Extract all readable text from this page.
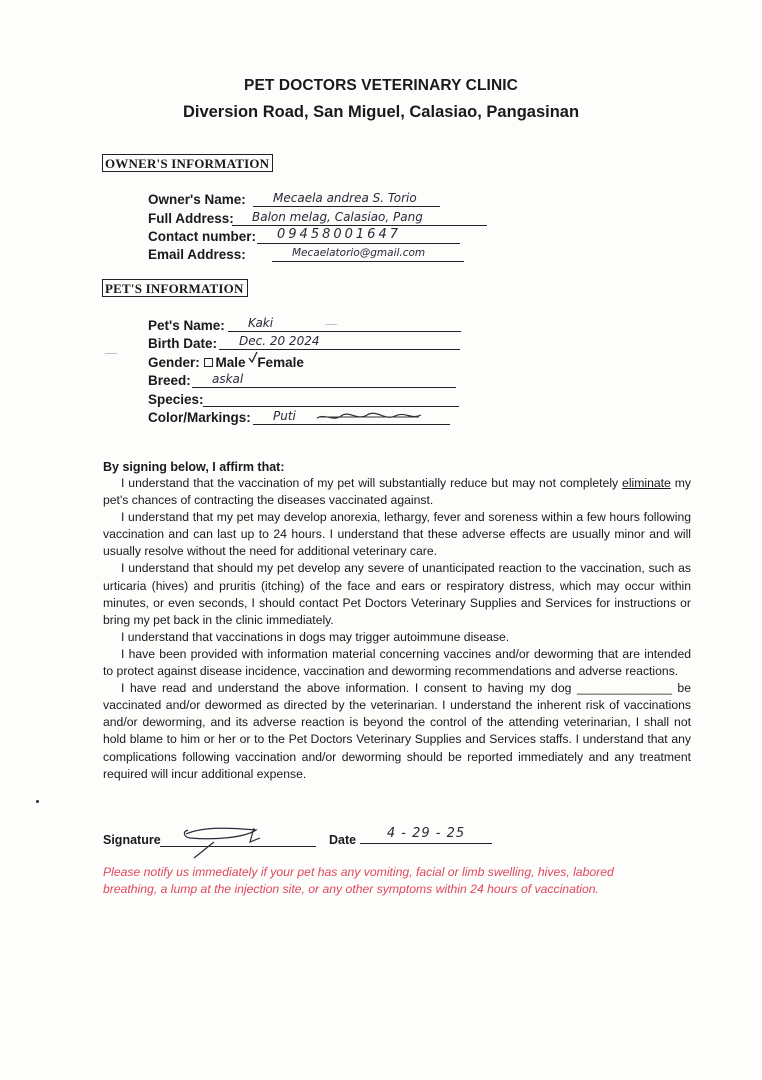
PET DOCTORS VETERINARY CLINIC
Diversion Road, San Miguel, Calasiao, Pangasinan
OWNER'S INFORMATION
Owner's Name:	Mecaela andrea S. Torio
Full Address:	Balon melag, Calasiao, Pang
Contact number:	09458001647
Email Address:	Mecaelatorio@gmail.com
PET'S INFORMATION
Pet's Name:	Kaki
Birth Date:	Dec. 20 2024
Gender: Male Female
Breed:	askal
Species:
Color/Markings:	Puti
By signing below, I affirm that:

I understand that the vaccination of my pet will substantially reduce but may not completely eliminate my pet's chances of contracting the diseases vaccinated against.

I understand that my pet may develop anorexia, lethargy, fever and soreness within a few hours following vaccination and can last up to 24 hours. I understand that these adverse effects are usually minor and will usually resolve without the need for additional veterinary care.

I understand that should my pet develop any severe of unanticipated reaction to the vaccination, such as urticaria (hives) and pruritis (itching) of the face and ears or respiratory distress, which may occur within minutes, or even seconds, I should contact Pet Doctors Veterinary Supplies and Services for instructions or bring my pet back in the clinic immediately.

I understand that vaccinations in dogs may trigger autoimmune disease.

I have been provided with information material concerning vaccines and/or deworming that are intended to protect against disease incidence, vaccination and deworming recommendations and adverse reactions.

I have read and understand the above information. I consent to having my dog ______________ be vaccinated and/or dewormed as directed by the veterinarian. I understand the inherent risk of vaccinations and/or deworming, and its adverse reaction is beyond the control of the attending veterinarian, I shall not hold blame to him or her or to the Pet Doctors Veterinary Supplies and Services staffs. I understand that any complications following vaccination and/or deworming should be reported immediately and any treatment required will incur additional expense.

Signature	Date	4 - 29 - 25
Please notify us immediately if your pet has any vomiting, facial or limb swelling, hives, labored breathing, a lump at the injection site, or any other symptoms within 24 hours of vaccination.
